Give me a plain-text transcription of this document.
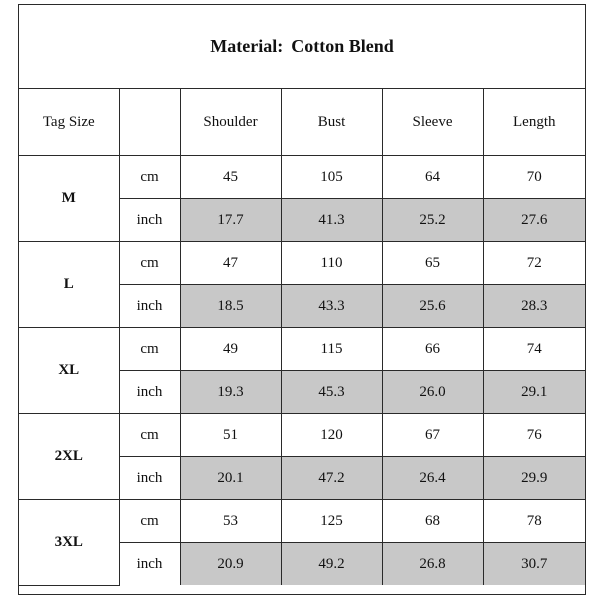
Material: Cotton Blend
Tag Size		Shoulder	Bust	Sleeve	Length
M	cm	45	105	64	70
	inch	17.7	41.3	25.2	27.6
L	cm	47	110	65	72
	inch	18.5	43.3	25.6	28.3
XL	cm	49	115	66	74
	inch	19.3	45.3	26.0	29.1
2XL	cm	51	120	67	76
	inch	20.1	47.2	26.4	29.9
3XL	cm	53	125	68	78
	inch	20.9	49.2	26.8	30.7
